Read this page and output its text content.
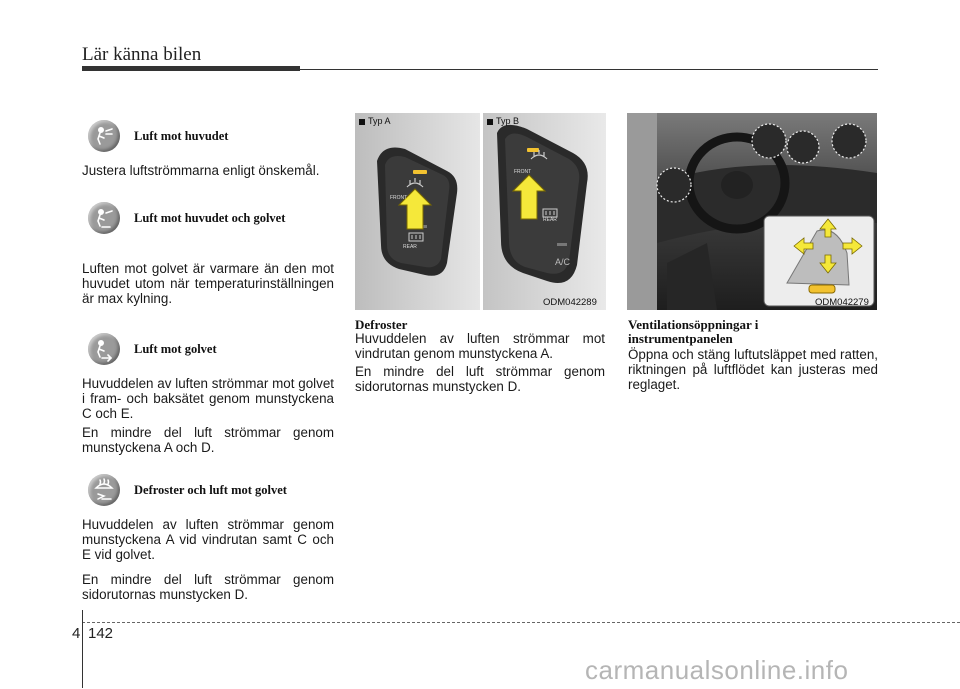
Lär känna bilen
Luft mot huvudet

Justera luftströmmarna enligt önskemål.

Luft mot huvudet och golvet

Luften mot golvet är varmare än den mot huvudet utom när temperaturinställningen är max kylning.

Luft mot golvet

Huvuddelen av luften strömmar mot golvet i fram- och baksätet genom munstyckena C och E.

En mindre del luft strömmar genom munstyckena A och D.

Defroster och luft mot golvet

Huvuddelen av luften strömmar genom munstyckena A vid vindrutan samt C och E vid golvet.

En mindre del luft strömmar genom sidorutornas munstycken D.

Typ A
FRONT
REAR
Typ B
FRONT
REAR
A/C
ODM042289
Defroster

Huvuddelen av luften strömmar mot vindrutan genom munstyckena A.

En mindre del luft strömmar genom sidorutornas munstycken D.

ODM042279
Ventilationsöppningar i
instrumentpanelen

Öppna och stäng luftutsläppet med ratten, riktningen på luftflödet kan justeras med reglaget.

4 142
carmanualsonline.info
